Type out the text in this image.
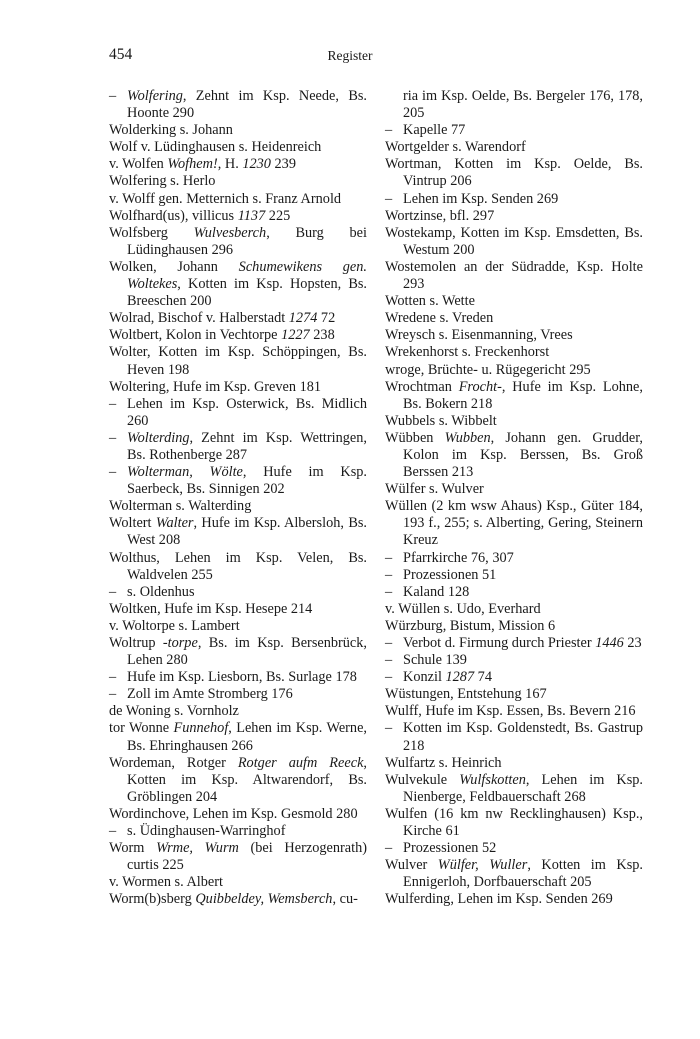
454	Register
– Wolfering, Zehnt im Ksp. Neede, Bs. Hoonte 290
Wolderking s. Johann
Wolf v. Lüdinghausen s. Heidenreich
v. Wolfen Wofhem!, H. 1230 239
Wolfering s. Herlo
v. Wolff gen. Metternich s. Franz Arnold
Wolfhard(us), villicus 1137 225
Wolfsberg Wulvesberch, Burg bei Lüdinghausen 296
Wolken, Johann Schumewikens gen. Woltekes, Kotten im Ksp. Hopsten, Bs. Breeschen 200
Wolrad, Bischof v. Halberstadt 1274 72
Woltbert, Kolon in Vechtorpe 1227 238
Wolter, Kotten im Ksp. Schöppingen, Bs. Heven 198
Woltering, Hufe im Ksp. Greven 181
– Lehen im Ksp. Osterwick, Bs. Midlich 260
– Wolterding, Zehnt im Ksp. Wettringen, Bs. Rothenberge 287
– Wolterman, Wölte, Hufe im Ksp. Saerbeck, Bs. Sinnigen 202
Wolterman s. Walterding
Woltert Walter, Hufe im Ksp. Albersloh, Bs. West 208
Wolthus, Lehen im Ksp. Velen, Bs. Waldvelen 255
– s. Oldenhus
Woltken, Hufe im Ksp. Hesepe 214
v. Woltorpe s. Lambert
Woltrup -torpe, Bs. im Ksp. Bersenbrück, Lehen 280
– Hufe im Ksp. Liesborn, Bs. Surlage 178
– Zoll im Amte Stromberg 176
de Woning s. Vornholz
tor Wonne Funnehof, Lehen im Ksp. Werne, Bs. Ehringhausen 266
Wordeman, Rotger Rotger aufm Reeck, Kotten im Ksp. Altwarendorf, Bs. Gröblingen 204
Wordinchove, Lehen im Ksp. Gesmold 280
– s. Üdinghausen-Warringhof
Worm Wrme, Wurm (bei Herzogenrath) curtis 225
v. Wormen s. Albert
Worm(b)sberg Quibbeldey, Wemsberch, cu-
ria im Ksp. Oelde, Bs. Bergeler 176, 178, 205
– Kapelle 77
Wortgelder s. Warendorf
Wortman, Kotten im Ksp. Oelde, Bs. Vintrup 206
– Lehen im Ksp. Senden 269
Wortzinse, bfl. 297
Wostekamp, Kotten im Ksp. Emsdetten, Bs. Westum 200
Wostemolen an der Südradde, Ksp. Holte 293
Wotten s. Wette
Wredene s. Vreden
Wreysch s. Eisenmanning, Vrees
Wrekenhorst s. Freckenhorst
wroge, Brüchte- u. Rügegericht 295
Wrochtman Frocht-, Hufe im Ksp. Lohne, Bs. Bokern 218
Wubbels s. Wibbelt
Wübben Wubben, Johann gen. Grudder, Kolon im Ksp. Berssen, Bs. Groß Berssen 213
Wülfer s. Wulver
Wüllen (2 km wsw Ahaus) Ksp., Güter 184, 193 f., 255; s. Alberting, Gering, Steinern Kreuz
– Pfarrkirche 76, 307
– Prozessionen 51
– Kaland 128
v. Wüllen s. Udo, Everhard
Würzburg, Bistum, Mission 6
– Verbot d. Firmung durch Priester 1446 23
– Schule 139
– Konzil 1287 74
Wüstungen, Entstehung 167
Wulff, Hufe im Ksp. Essen, Bs. Bevern 216
– Kotten im Ksp. Goldenstedt, Bs. Gastrup 218
Wulfartz s. Heinrich
Wulvekule Wulfskotten, Lehen im Ksp. Nienberge, Feldbauerschaft 268
Wulfen (16 km nw Recklinghausen) Ksp., Kirche 61
– Prozessionen 52
Wulver Wülfer, Wuller, Kotten im Ksp. Ennigerloh, Dorfbauerschaft 205
Wulferding, Lehen im Ksp. Senden 269
